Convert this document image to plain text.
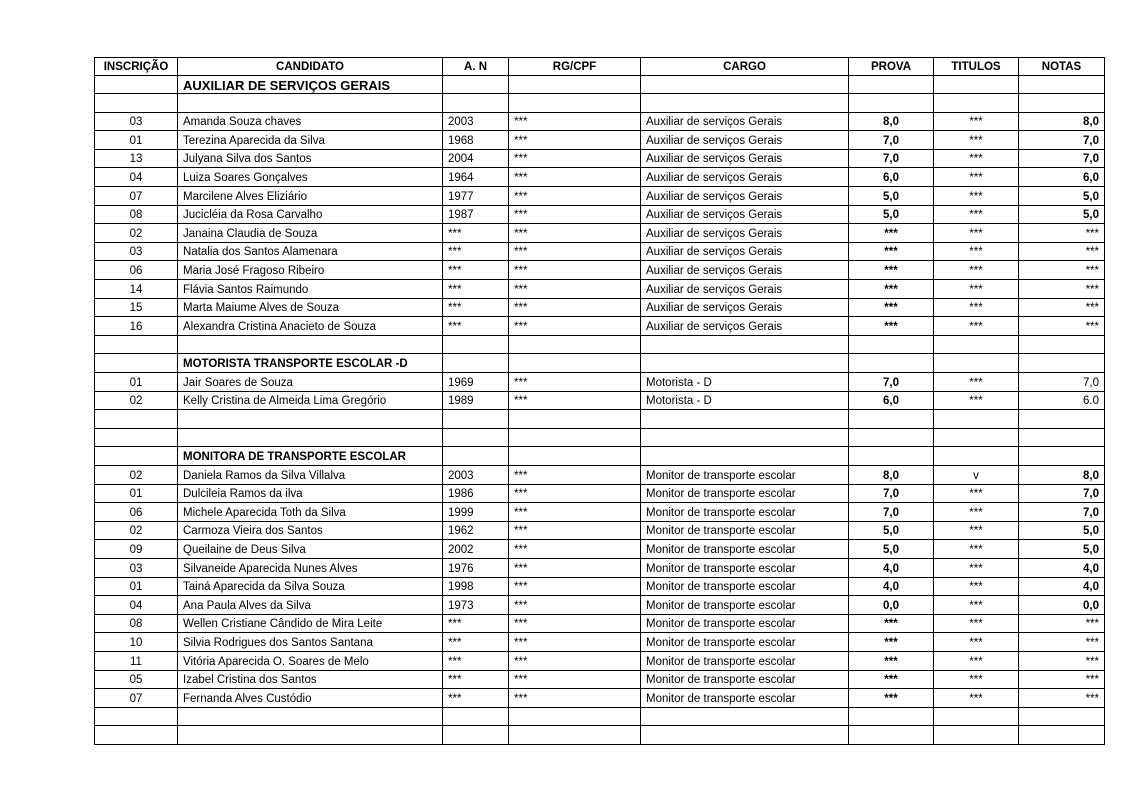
INSCRIÇÃO	CANDIDATO	A. N	RG/CPF	CARGO	PROVA	TITULOS	NOTAS
	AUXILIAR DE SERVIÇOS GERAIS						

03	Amanda Souza chaves	2003	***	Auxiliar de serviços Gerais	8,0	***	8,0
01	Terezina Aparecida da Silva	1968	***	Auxiliar de serviços Gerais	7,0	***	7,0
13	Julyana Silva dos Santos	2004	***	Auxiliar de serviços Gerais	7,0	***	7,0
04	Luiza Soares Gonçalves	1964	***	Auxiliar de serviços Gerais	6,0	***	6,0
07	Marcilene Alves Eliziário	1977	***	Auxiliar de serviços Gerais	5,0	***	5,0
08	Jucicléia da Rosa Carvalho	1987	***	Auxiliar de serviços Gerais	5,0	***	5,0
02	Janaina Claudia de Souza	***	***	Auxiliar de serviços Gerais	***	***	***
03	Natalia dos Santos Alamenara	***	***	Auxiliar de serviços Gerais	***	***	***
06	Maria José Fragoso Ribeiro	***	***	Auxiliar de serviços Gerais	***	***	***
14	Flávia Santos Raimundo	***	***	Auxiliar de serviços Gerais	***	***	***
15	Marta Maiume Alves de Souza	***	***	Auxiliar de serviços Gerais	***	***	***
16	Alexandra Cristina Anacieto de Souza	***	***	Auxiliar de serviços Gerais	***	***	***

	MOTORISTA TRANSPORTE ESCOLAR -D						
01	Jair Soares de Souza	1969	***	Motorista - D	7,0	***	7,0
02	Kelly Cristina de Almeida Lima Gregório	1989	***	Motorista - D	6,0	***	6.0

	MONITORA DE TRANSPORTE ESCOLAR						
02	Daniela Ramos da Silva Villalva	2003	***	Monitor de transporte escolar	8,0	v	8,0
01	Dulcileia Ramos da ilva	1986	***	Monitor de transporte escolar	7,0	***	7,0
06	Michele Aparecida Toth da Silva	1999	***	Monitor de transporte escolar	7,0	***	7,0
02	Carmoza Vieira dos Santos	1962	***	Monitor de transporte escolar	5,0	***	5,0
09	Queilaine de Deus Silva	2002	***	Monitor de transporte escolar	5,0	***	5,0
03	Silvaneide Aparecida Nunes Alves	1976	***	Monitor de transporte escolar	4,0	***	4,0
01	Tainá Aparecida da Silva Souza	1998	***	Monitor de transporte escolar	4,0	***	4,0
04	Ana Paula Alves da Silva	1973	***	Monitor de transporte escolar	0,0	***	0,0
08	Wellen Cristiane Cândido de Mira Leite	***	***	Monitor de transporte escolar	***	***	***
10	Silvia Rodrigues dos Santos Santana	***	***	Monitor de transporte escolar	***	***	***
11	Vitória Aparecida O. Soares de Melo	***	***	Monitor de transporte escolar	***	***	***
05	Izabel Cristina dos Santos	***	***	Monitor de transporte escolar	***	***	***
07	Fernanda Alves Custódio	***	***	Monitor de transporte escolar	***	***	***
